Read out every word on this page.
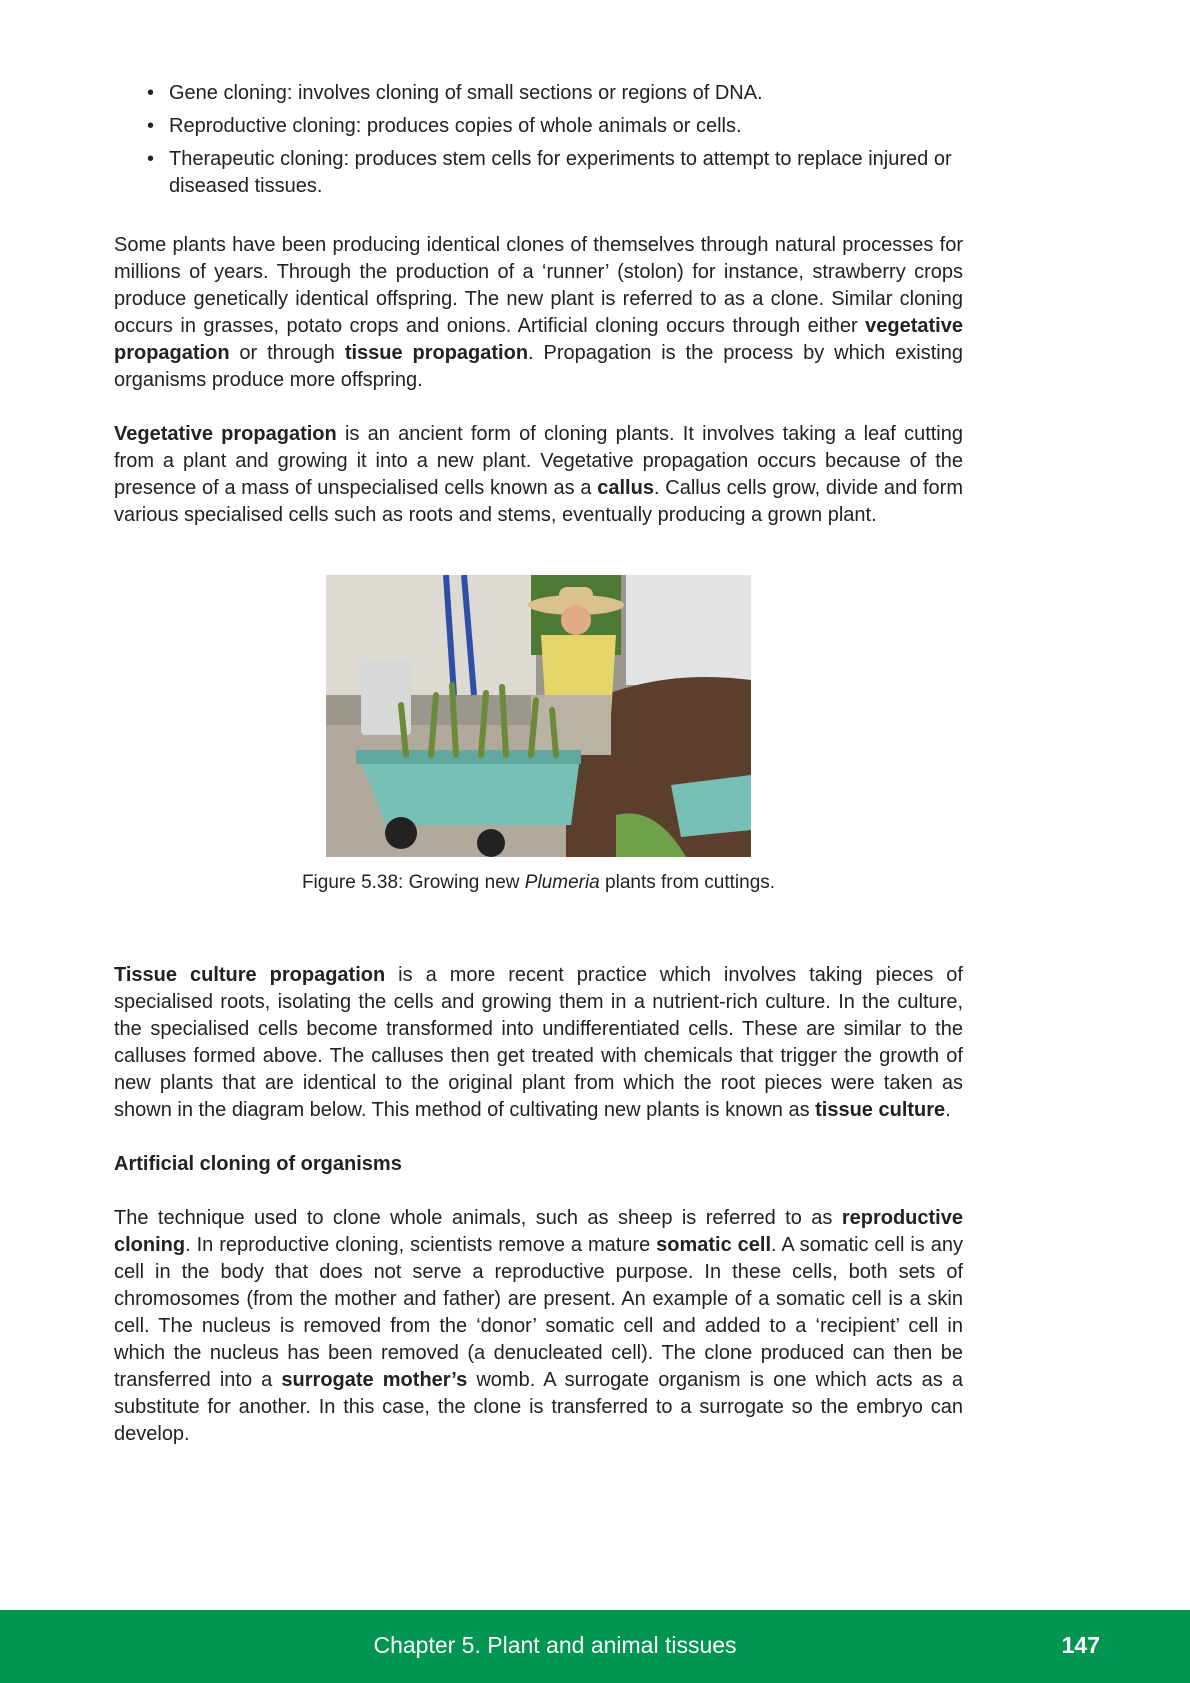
• Gene cloning: involves cloning of small sections or regions of DNA.
• Reproductive cloning: produces copies of whole animals or cells.
• Therapeutic cloning: produces stem cells for experiments to attempt to replace injured or diseased tissues.

Some plants have been producing identical clones of themselves through natural processes for millions of years. Through the production of a ‘runner’ (stolon) for instance, strawberry crops produce genetically identical offspring. The new plant is referred to as a clone. Similar cloning occurs in grasses, potato crops and onions. Artificial cloning occurs through either vegetative propagation or through tissue propagation. Propagation is the process by which existing organisms produce more offspring.

Vegetative propagation is an ancient form of cloning plants. It involves taking a leaf cutting from a plant and growing it into a new plant. Vegetative propagation occurs because of the presence of a mass of unspecialised cells known as a callus. Callus cells grow, divide and form various specialised cells such as roots and stems, eventually producing a grown plant.

Figure 5.38: Growing new Plumeria plants from cuttings.

Tissue culture propagation is a more recent practice which involves taking pieces of specialised roots, isolating the cells and growing them in a nutrient-rich culture. In the culture, the specialised cells become transformed into undifferentiated cells. These are similar to the calluses formed above. The calluses then get treated with chemicals that trigger the growth of new plants that are identical to the original plant from which the root pieces were taken as shown in the diagram below. This method of cultivating new plants is known as tissue culture.

Artificial cloning of organisms

The technique used to clone whole animals, such as sheep is referred to as reproductive cloning. In reproductive cloning, scientists remove a mature somatic cell. A somatic cell is any cell in the body that does not serve a reproductive purpose. In these cells, both sets of chromosomes (from the mother and father) are present. An example of a somatic cell is a skin cell. The nucleus is removed from the ‘donor’ somatic cell and added to a ‘recipient’ cell in which the nucleus has been removed (a denucleated cell). The clone produced can then be transferred into a surrogate mother’s womb. A surrogate organism is one which acts as a substitute for another. In this case, the clone is transferred to a surrogate so the embryo can develop.

Chapter 5. Plant and animal tissues	147
